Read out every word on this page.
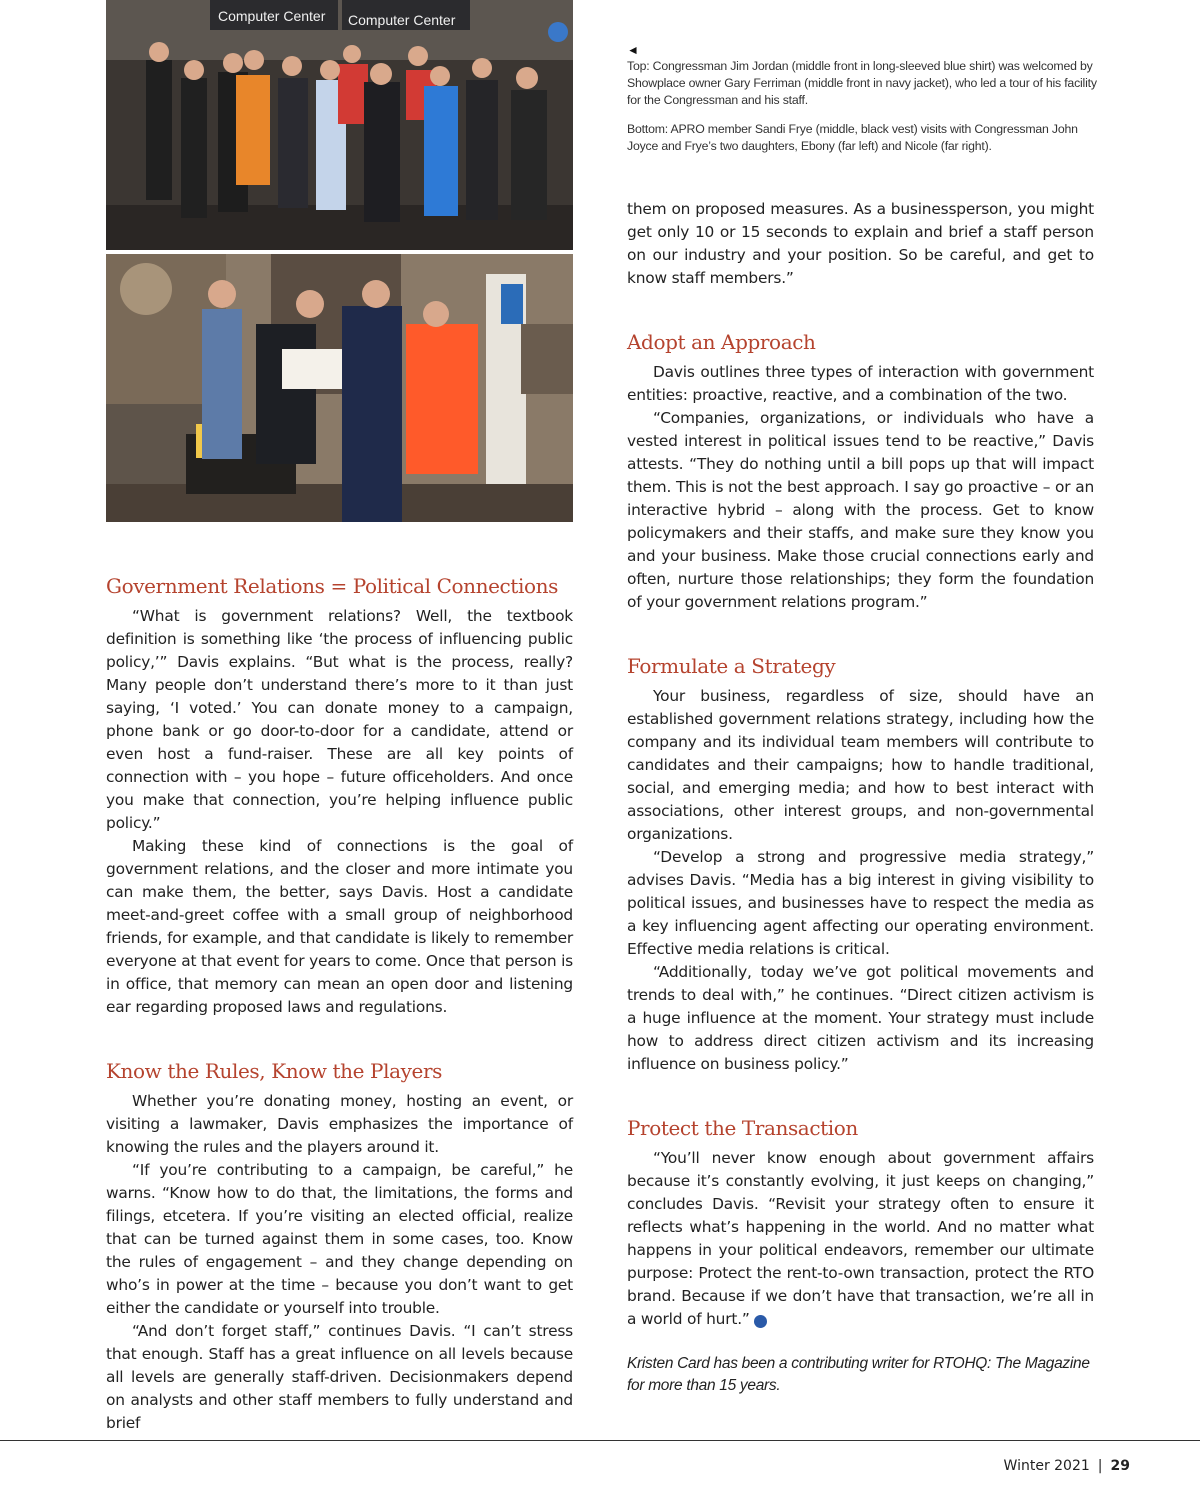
Computer Center Computer Center
◄

Top: Congressman Jim Jordan (middle front in long-sleeved blue shirt) was welcomed by Showplace owner Gary Ferriman (middle front in navy jacket), who led a tour of his facility for the Congressman and his staff.

Bottom: APRO member Sandi Frye (middle, black vest) visits with Congressman John Joyce and Frye’s two daughters, Ebony (far left) and Nicole (far right).

Government Relations = Political Connections

“What is government relations? Well, the textbook definition is something like ‘the process of influencing public policy,’” Davis explains. “But what is the process, really? Many people don’t understand there’s more to it than just saying, ‘I voted.’ You can donate money to a campaign, phone bank or go door-to-door for a candidate, attend or even host a fund-raiser. These are all key points of connection with – you hope – future officeholders. And once you make that connection, you’re helping influence public policy.”

Making these kind of connections is the goal of government relations, and the closer and more intimate you can make them, the better, says Davis. Host a candidate meet-and-greet coffee with a small group of neighborhood friends, for example, and that candidate is likely to remember everyone at that event for years to come. Once that person is in office, that memory can mean an open door and listening ear regarding proposed laws and regulations.

Know the Rules, Know the Players

Whether you’re donating money, hosting an event, or visiting a lawmaker, Davis emphasizes the importance of knowing the rules and the players around it.

“If you’re contributing to a campaign, be careful,” he warns. “Know how to do that, the limitations, the forms and filings, etcetera. If you’re visiting an elected official, realize that can be turned against them in some cases, too. Know the rules of engagement – and they change depending on who’s in power at the time – because you don’t want to get either the candidate or yourself into trouble.

“And don’t forget staff,” continues Davis. “I can’t stress that enough. Staff has a great influence on all levels because all levels are generally staff-driven. Decisionmakers depend on analysts and other staff members to fully understand and brief

them on proposed measures. As a businessperson, you might get only 10 or 15 seconds to explain and brief a staff person on our industry and your position. So be careful, and get to know staff members.”

Adopt an Approach

Davis outlines three types of interaction with government entities: proactive, reactive, and a combination of the two.

“Companies, organizations, or individuals who have a vested interest in political issues tend to be reactive,” Davis attests. “They do nothing until a bill pops up that will impact them. This is not the best approach. I say go proactive – or an interactive hybrid – along with the process. Get to know policymakers and their staffs, and make sure they know you and your business. Make those crucial connections early and often, nurture those relationships; they form the foundation of your government relations program.”

Formulate a Strategy

Your business, regardless of size, should have an established government relations strategy, including how the company and its individual team members will contribute to candidates and their campaigns; how to handle traditional, social, and emerging media; and how to best interact with associations, other interest groups, and non-governmental organizations.

“Develop a strong and progressive media strategy,” advises Davis. “Media has a big interest in giving visibility to political issues, and businesses have to respect the media as a key influencing agent affecting our operating environment. Effective media relations is critical.

“Additionally, today we’ve got political movements and trends to deal with,” he continues. “Direct citizen activism is a huge influence at the moment. Your strategy must include how to address direct citizen activism and its increasing influence on business policy.”

Protect the Transaction

“You’ll never know enough about government affairs because it’s constantly evolving, it just keeps on changing,” concludes Davis. “Revisit your strategy often to ensure it reflects what’s happening in the world. And no matter what happens in your political endeavors, remember our ultimate purpose: Protect the rent-to-own transaction, protect the RTO brand. Because if we don’t have that transaction, we’re all in a world of hurt.”	a

Kristen Card has been a contributing writer for RTOHQ: The Magazine for more than 15 years.
Winter 2021 | 29
